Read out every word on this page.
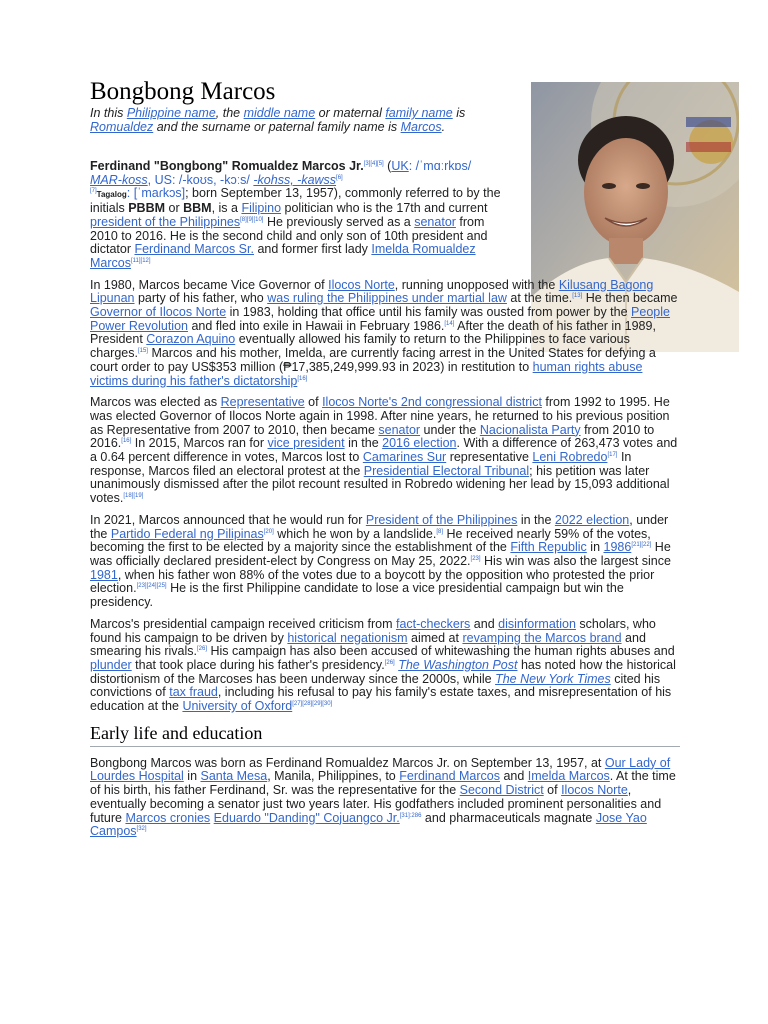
Bongbong Marcos

In this Philippine name, the middle name or maternal family name is Romualdez and the surname or paternal family name is Marcos.

Ferdinand "Bongbong" Romualdez Marcos Jr.[3][4][5] (UK: /ˈmɑːrkɒs/ MAR-koss, US: /-koʊs, -kɔːs/ -kohss, -kawss[6]
[7]Tagalog: [ˈmaɾkɔs]; born September 13, 1957), commonly referred to by the initials PBBM or BBM, is a Filipino politician who is the 17th and current president of the Philippines[8][9][10] He previously served as a senator from 2010 to 2016. He is the second child and only son of 10th president and dictator Ferdinand Marcos Sr. and former first lady Imelda Romualdez Marcos[11][12]

In 1980, Marcos became Vice Governor of Ilocos Norte, running unopposed with the Kilusang Bagong Lipunan party of his father, who was ruling the Philippines under martial law at the time.[13] He then became Governor of Ilocos Norte in 1983, holding that office until his family was ousted from power by the People Power Revolution and fled into exile in Hawaii in February 1986.[14] After the death of his father in 1989, President Corazon Aquino eventually allowed his family to return to the Philippines to face various charges.[15] Marcos and his mother, Imelda, are currently facing arrest in the United States for defying a court order to pay US$353 million (₱17,385,249,999.93 in 2023) in restitution to human rights abuse victims during his father's dictatorship[16]

Marcos was elected as Representative of Ilocos Norte's 2nd congressional district from 1992 to 1995. He was elected Governor of Ilocos Norte again in 1998. After nine years, he returned to his previous position as Representative from 2007 to 2010, then became senator under the Nacionalista Party from 2010 to 2016.[16] In 2015, Marcos ran for vice president in the 2016 election. With a difference of 263,473 votes and a 0.64 percent difference in votes, Marcos lost to Camarines Sur representative Leni Robredo[17] In response, Marcos filed an electoral protest at the Presidential Electoral Tribunal; his petition was later unanimously dismissed after the pilot recount resulted in Robredo widening her lead by 15,093 additional votes.[18][19]

In 2021, Marcos announced that he would run for President of the Philippines in the 2022 election, under the Partido Federal ng Pilipinas[20] which he won by a landslide.[8] He received nearly 59% of the votes, becoming the first to be elected by a majority since the establishment of the Fifth Republic in 1986[21][22] He was officially declared president-elect by Congress on May 25, 2022.[23] His win was also the largest since 1981, when his father won 88% of the votes due to a boycott by the opposition who protested the prior election.[23][24][25] He is the first Philippine candidate to lose a vice presidential campaign but win the presidency.

Marcos's presidential campaign received criticism from fact-checkers and disinformation scholars, who found his campaign to be driven by historical negationism aimed at revamping the Marcos brand and smearing his rivals.[26] His campaign has also been accused of whitewashing the human rights abuses and plunder that took place during his father's presidency.[26] The Washington Post has noted how the historical distortionism of the Marcoses has been underway since the 2000s, while The New York Times cited his convictions of tax fraud, including his refusal to pay his family's estate taxes, and misrepresentation of his education at the University of Oxford[27][28][29][30]

Early life and education

Bongbong Marcos was born as Ferdinand Romualdez Marcos Jr. on September 13, 1957, at Our Lady of Lourdes Hospital in Santa Mesa, Manila, Philippines, to Ferdinand Marcos and Imelda Marcos. At the time of his birth, his father Ferdinand, Sr. was the representative for the Second District of Ilocos Norte, eventually becoming a senator just two years later. His godfathers included prominent personalities and future Marcos cronies Eduardo "Danding" Cojuangco Jr.$^{[31]:286}$ and pharmaceuticals magnate Jose Yao Campos[32]
